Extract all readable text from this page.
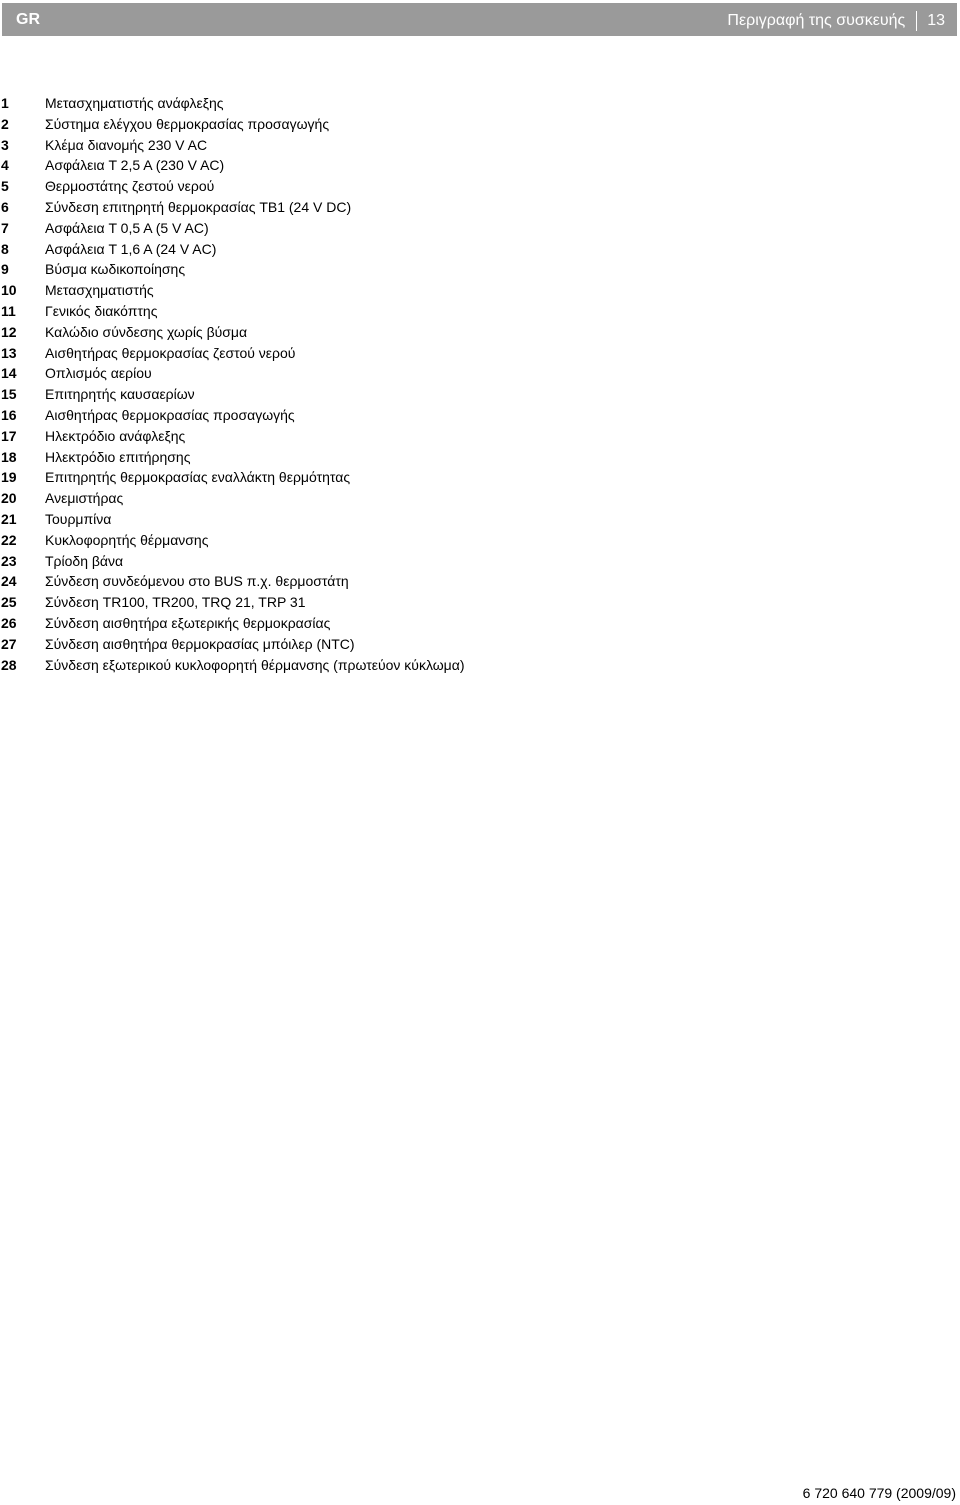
GR	Περιγραφή της συσκευής 13
1	Μετασχηματιστής ανάφλεξης
2	Σύστημα ελέγχου θερμοκρασίας προσαγωγής
3	Κλέμα διανομής 230 V AC
4	Ασφάλεια T 2,5 A (230 V AC)
5	Θερμοστάτης ζεστού νερού
6	Σύνδεση επιτηρητή θερμοκρασίας TB1 (24 V DC)
7	Ασφάλεια T 0,5 A (5 V AC)
8	Ασφάλεια T 1,6 A (24 V AC)
9	Βύσμα κωδικοποίησης
10	Μετασχηματιστής
11	Γενικός διακόπτης
12	Καλώδιο σύνδεσης χωρίς βύσμα
13	Αισθητήρας θερμοκρασίας ζεστού νερού
14	Οπλισμός αερίου
15	Επιτηρητής καυσαερίων
16	Αισθητήρας θερμοκρασίας προσαγωγής
17	Ηλεκτρόδιο ανάφλεξης
18	Ηλεκτρόδιο επιτήρησης
19	Επιτηρητής θερμοκρασίας εναλλάκτη θερμότητας
20	Ανεμιστήρας
21	Τουρμπίνα
22	Κυκλοφορητής θέρμανσης
23	Τρίοδη βάνα
24	Σύνδεση συνδεόμενου στο BUS π.χ. θερμοστάτη
25	Σύνδεση TR100, TR200, TRQ 21, TRP 31
26	Σύνδεση αισθητήρα εξωτερικής θερμοκρασίας
27	Σύνδεση αισθητήρα θερμοκρασίας μπόιλερ (NTC)
28	Σύνδεση εξωτερικού κυκλοφορητή θέρμανσης (πρωτεύον κύκλωμα)
6 720 640 779 (2009/09)
